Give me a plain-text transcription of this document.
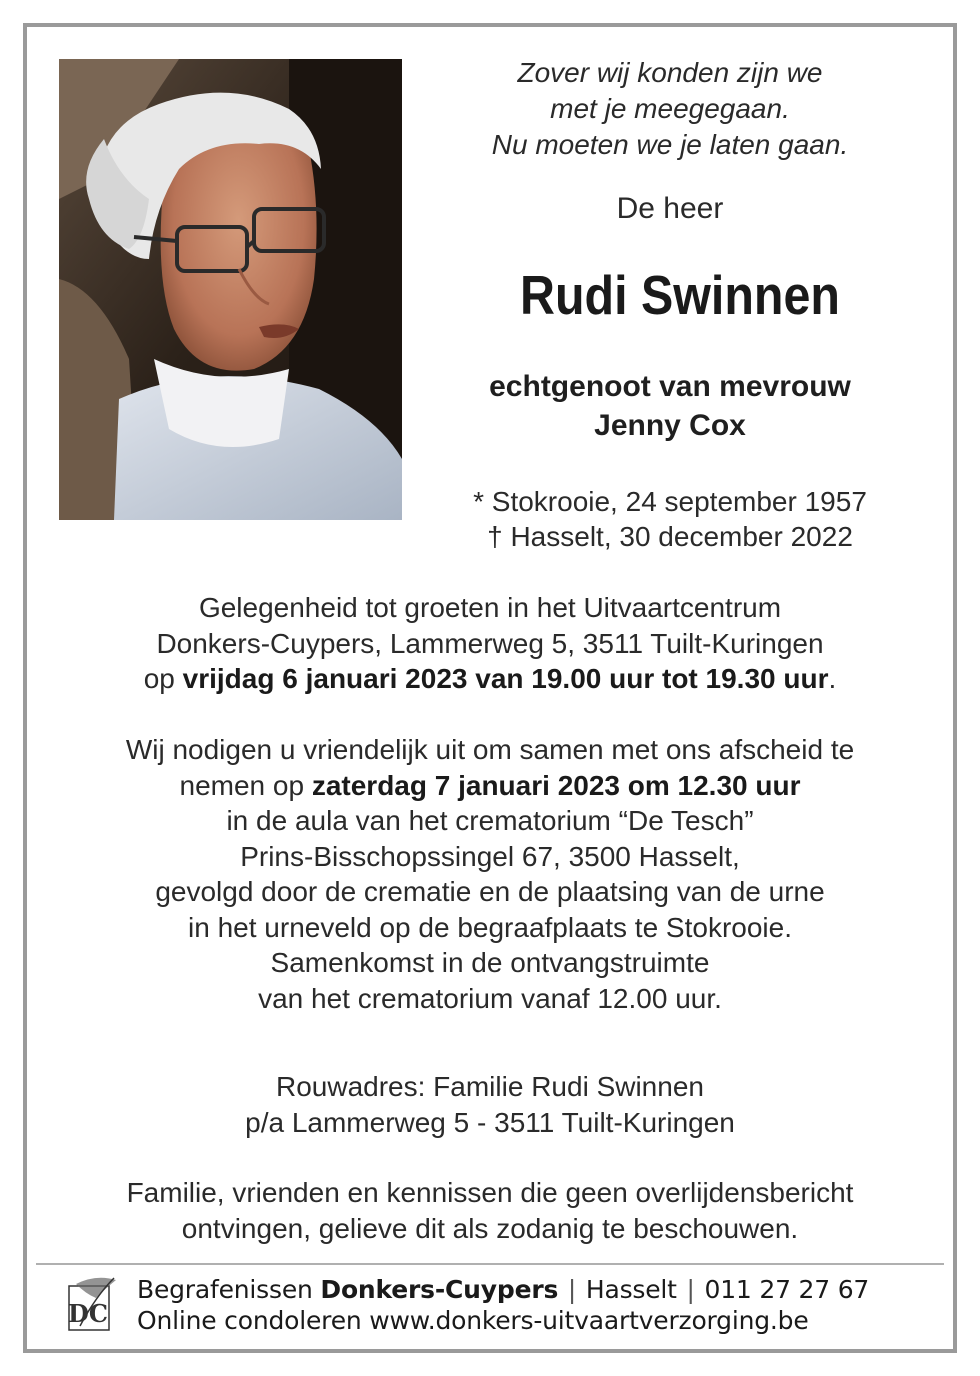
Zover wij konden zijn we
met je meegegaan.
Nu moeten we je laten gaan.
De heer
Rudi Swinnen
echtgenoot van mevrouw
Jenny Cox
* Stokrooie, 24 september 1957
† Hasselt, 30 december 2022
Gelegenheid tot groeten in het Uitvaartcentrum
Donkers-Cuypers, Lammerweg 5, 3511 Tuilt-Kuringen
op vrijdag 6 januari 2023 van 19.00 uur tot 19.30 uur.
Wij nodigen u vriendelijk uit om samen met ons afscheid te
nemen op zaterdag 7 januari 2023 om 12.30 uur
in de aula van het crematorium “De Tesch”
Prins-Bisschopssingel 67, 3500 Hasselt,
gevolgd door de crematie en de plaatsing van de urne
in het urneveld op de begraafplaats te Stokrooie.
Samenkomst in de ontvangstruimte
van het crematorium vanaf 12.00 uur.
Rouwadres: Familie Rudi Swinnen
p/a Lammerweg 5 - 3511 Tuilt-Kuringen
Familie, vrienden en kennissen die geen overlijdensbericht
ontvingen, gelieve dit als zodanig te beschouwen.
DC
Begrafenissen Donkers-Cuypers | Hasselt | 011 27 27 67
Online condoleren www.donkers-uitvaartverzorging.be
